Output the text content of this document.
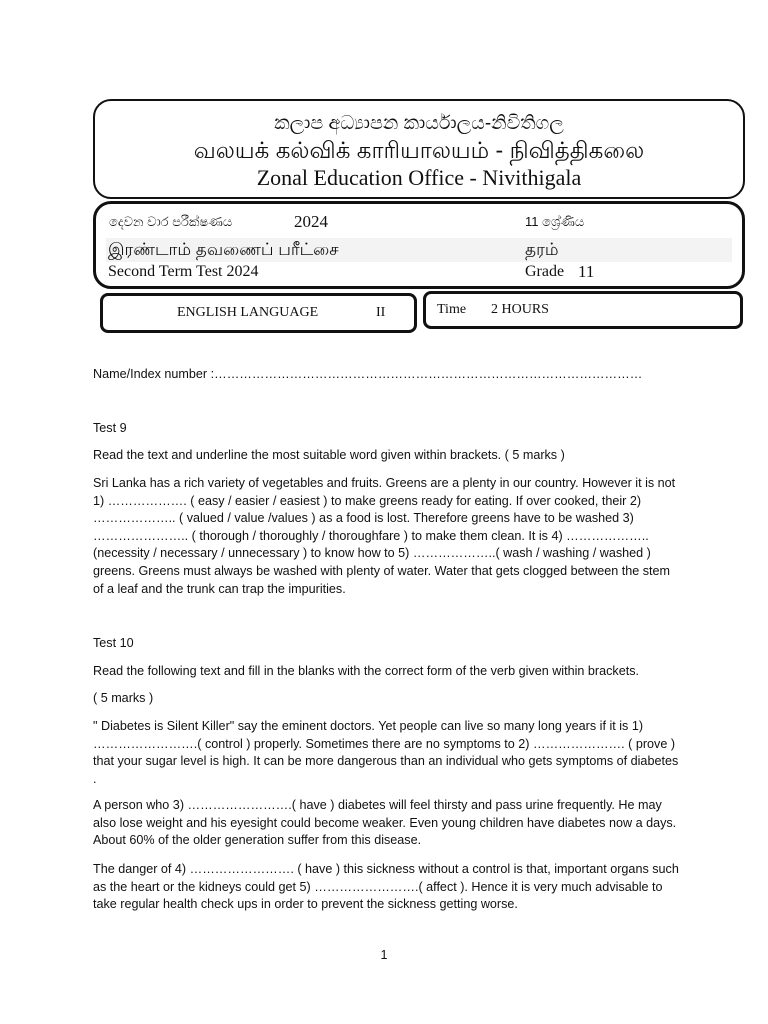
කලාප අධ්‍යාපන කාර්යාලය-නිවිතිගල
வலயக் கல்விக் காரியாலயம் - நிவித்திகலை
Zonal Education Office - Nivithigala
දෙවන වාර පරීක්ෂණය	2024	11 ශ්‍රේණිය
இரண்டாம் தவணைப் பரீட்சை	தரம்
Second Term Test 2024	Grade 11
ENGLISH LANGUAGE	II	Time 2 HOURS

Name/Index number :…………………………………………………………………………………………

Test 9

Read the text and underline the most suitable word given within brackets. ( 5 marks )

Sri Lanka has a rich variety of vegetables and fruits. Greens are a plenty in our country. However it is not 1) ………………. ( easy / easier / easiest ) to make greens ready for eating. If over cooked, their 2) ……………….. ( valued / value /values ) as a food is lost. Therefore greens have to be washed 3) ………………….. ( thorough / thoroughly / thoroughfare ) to make them clean. It is 4) ………………..(necessity / necessary / unnecessary ) to know how to 5) ………………..( wash / washing / washed ) greens. Greens must always be washed with plenty of water. Water that gets clogged between the stem of a leaf and the trunk can trap the impurities.

Test 10

Read the following text and fill in the blanks with the correct form of the verb given within brackets.

( 5 marks )

" Diabetes is Silent Killer" say the eminent doctors. Yet people can live so many long years if it is 1) …………………….( control ) properly. Sometimes there are no symptoms to 2) …………………. ( prove ) that your sugar level is high. It can be more dangerous than an individual who gets symptoms of diabetes .

A person who 3) …………………….( have ) diabetes will feel thirsty and pass urine frequently. He may also lose weight and his eyesight could become weaker. Even young children have diabetes now a days. About 60% of the older generation suffer from this disease.

The danger of 4) ……………………. ( have ) this sickness without a control is that, important organs such as the heart or the kidneys could get 5) …………………….( affect ). Hence it is very much advisable to take regular health check ups in order to prevent the sickness getting worse.

1
